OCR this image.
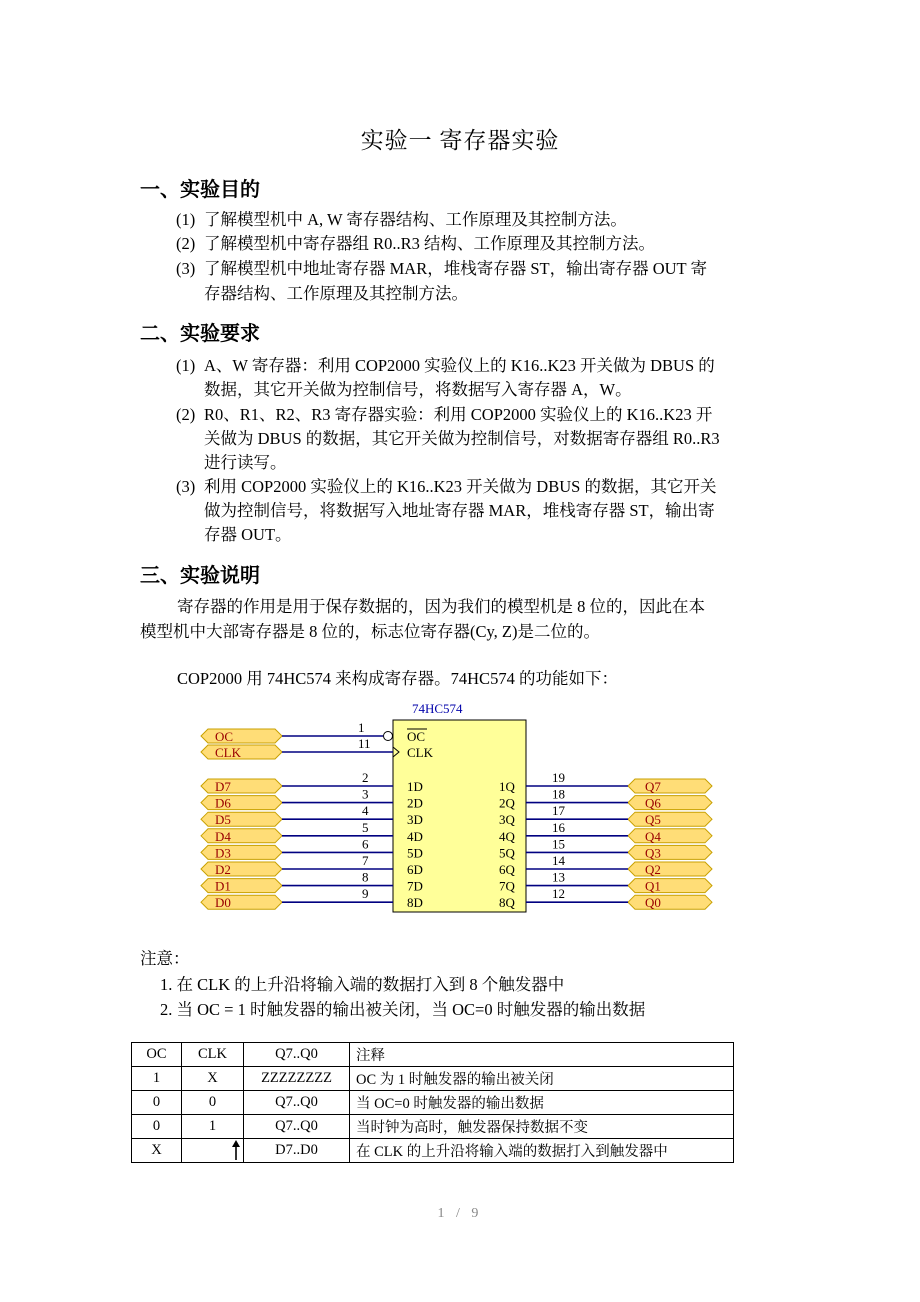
实验一 寄存器实验
一、实验目的
(1) 了解模型机中 A, W 寄存器结构、工作原理及其控制方法。
(2) 了解模型机中寄存器组 R0..R3 结构、工作原理及其控制方法。
(3) 了解模型机中地址寄存器 MAR，堆栈寄存器 ST，输出寄存器 OUT 寄
存器结构、工作原理及其控制方法。
二、实验要求
(1) A、W 寄存器：利用 COP2000 实验仪上的 K16..K23 开关做为 DBUS 的
数据，其它开关做为控制信号，将数据写入寄存器 A，W。
(2) R0、R1、R2、R3 寄存器实验：利用 COP2000 实验仪上的 K16..K23 开
关做为 DBUS 的数据，其它开关做为控制信号，对数据寄存器组 R0..R3
进行读写。
(3) 利用 COP2000 实验仪上的 K16..K23 开关做为 DBUS 的数据，其它开关
做为控制信号，将数据写入地址寄存器 MAR，堆栈寄存器 ST，输出寄
存器 OUT。
三、实验说明
寄存器的作用是用于保存数据的，因为我们的模型机是 8 位的，因此在本
模型机中大部寄存器是 8 位的，标志位寄存器(Cy, Z)是二位的。
COP2000 用 74HC574 来构成寄存器。74HC574 的功能如下：
74HC574
OC
1
OC
CLK
11
CLK
D7
2
1D
D6
3
2D
D5
4
3D
D4
5
4D
D3
6
5D
D2
7
6D
D1
8
7D
D0
9
8D
Q7
19
1Q
Q6
18
2Q
Q5
17
3Q
Q4
16
4Q
Q3
15
5Q
Q2
14
6Q
Q1
13
7Q
Q0
12
8Q
注意：
1. 在 CLK 的上升沿将输入端的数据打入到 8 个触发器中
2. 当 OC = 1 时触发器的输出被关闭，当 OC=0 时触发器的输出数据
OC	CLK	Q7..Q0	注释
1	X	ZZZZZZZZ	OC 为 1 时触发器的输出被关闭
0	0	Q7..Q0	当 OC=0 时触发器的输出数据
0	1	Q7..Q0	当时钟为高时，触发器保持数据不变
X		D7..D0	在 CLK 的上升沿将输入端的数据打入到触发器中
1 / 9
